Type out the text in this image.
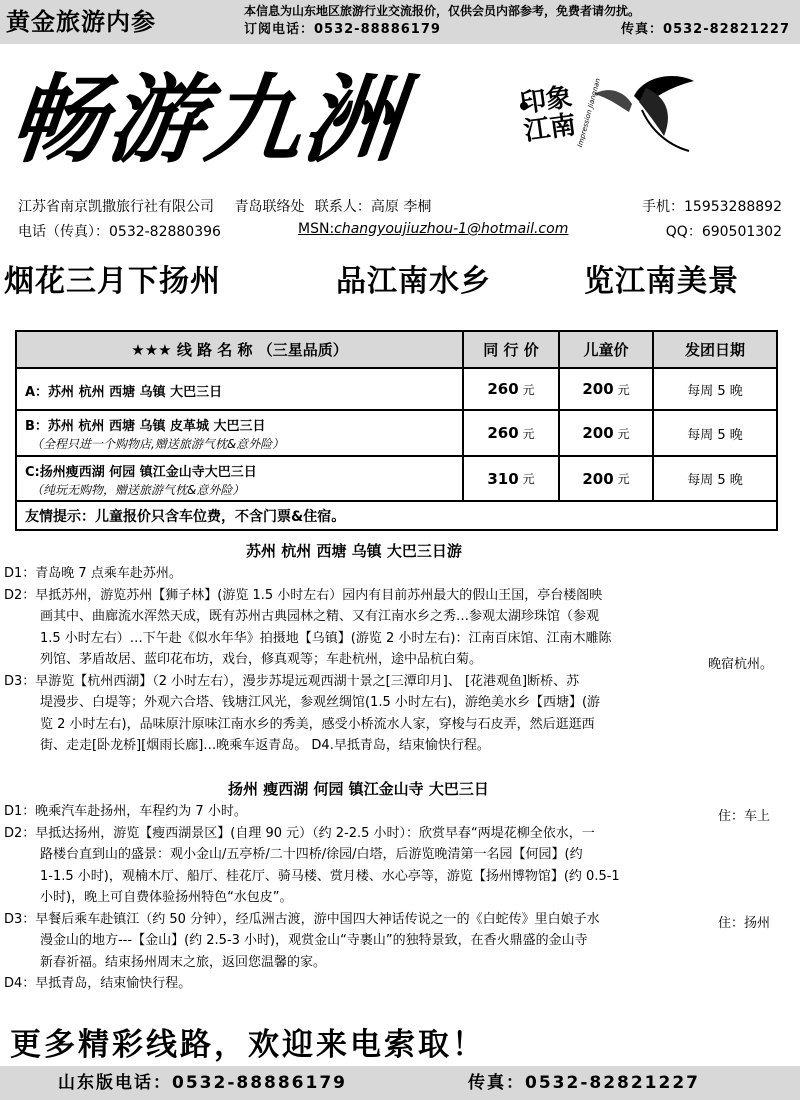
黄金旅游内参	本信息为山东地区旅游行业交流报价，仅供会员内部参考，免费者请勿扰。
订阅电话：0532-88886179	传真：0532-82821227
畅游九洲	印象江南
Impression Jiangnan
江苏省南京凯撒旅行社有限公司 青岛联络处 联系人：高原 李桐	手机：15953288892
电话（传真）：0532-82880396	MSN:changyoujiuzhou-1@hotmail.com	QQ：690501302
烟花三月下扬州	品江南水乡	览江南美景
★★★ 线 路 名 称 （三星品质）	同 行 价	儿童价	发团日期
A：苏州 杭州 西塘 乌镇 大巴三日	260 元	200 元	每周 5 晚
B：苏州 杭州 西塘 乌镇 皮革城 大巴三日
（全程只进一个购物店,赠送旅游气枕&意外险）
260 元	200 元	每周 5 晚
C:扬州瘦西湖 何园 镇江金山寺大巴三日
（纯玩无购物，赠送旅游气枕&意外险）
310 元	200 元	每周 5 晚
友情提示：儿童报价只含车位费，不含门票&住宿。
苏州 杭州 西塘 乌镇 大巴三日游
D1：青岛晚 7 点乘车赴苏州。
D2：早抵苏州，游览苏州【狮子林】(游览 1.5 小时左右）园内有目前苏州最大的假山王国，亭台楼阁映
画其中、曲廊流水浑然天成，既有苏州古典园林之精、又有江南水乡之秀…参观太湖珍珠馆（参观
1.5 小时左右）…下午赴《似水年华》拍摄地【乌镇】(游览 2 小时左右)：江南百床馆、江南木雕陈
列馆、茅盾故居、蓝印花布坊，戏台，修真观等；车赴杭州，途中品杭白菊。
D3：早游览【杭州西湖】（2 小时左右），漫步苏堤远观西湖十景之[三潭印月]、 [花港观鱼]断桥、苏
堤漫步、白堤等；外观六合塔、钱塘江风光，参观丝绸馆(1.5 小时左右)，游绝美水乡【西塘】(游
览 2 小时左右)，品味原汁原味江南水乡的秀美，感受小桥流水人家，穿梭与石皮弄，然后逛逛西
街、走走[卧龙桥][烟雨长廊]…晚乘车返青岛。 D4.早抵青岛，结束愉快行程。
晚宿杭州。
扬州 瘦西湖 何园 镇江金山寺 大巴三日
D1：晚乘汽车赴扬州，车程约为 7 小时。
D2：早抵达扬州，游览【瘦西湖景区】(自理 90 元）（约 2-2.5 小时）：欣赏早春“两堤花柳全依水，一
路楼台直到山的盛景：观小金山/五亭桥/二十四桥/徐园/白塔，后游览晚清第一名园【何园】(约
1-1.5 小时)，观楠木厅、船厅、桂花厅、骑马楼、赏月楼、水心亭等，游览【扬州博物馆】(约 0.5-1
小时)，晚上可自费体验扬州特色“水包皮”。
D3：早餐后乘车赴镇江（约 50 分钟），经瓜洲古渡，游中国四大神话传说之一的《白蛇传》里白娘子水
漫金山的地方---【金山】(约 2.5-3 小时)，观赏金山“寺裹山”的独特景致，在香火鼎盛的金山寺
新春祈福。结束扬州周末之旅，返回您温馨的家。
D4：早抵青岛，结束愉快行程。
住：车上
住：扬州
更多精彩线路，欢迎来电索取！
山东版电话：0532-88886179	传真：0532-82821227
